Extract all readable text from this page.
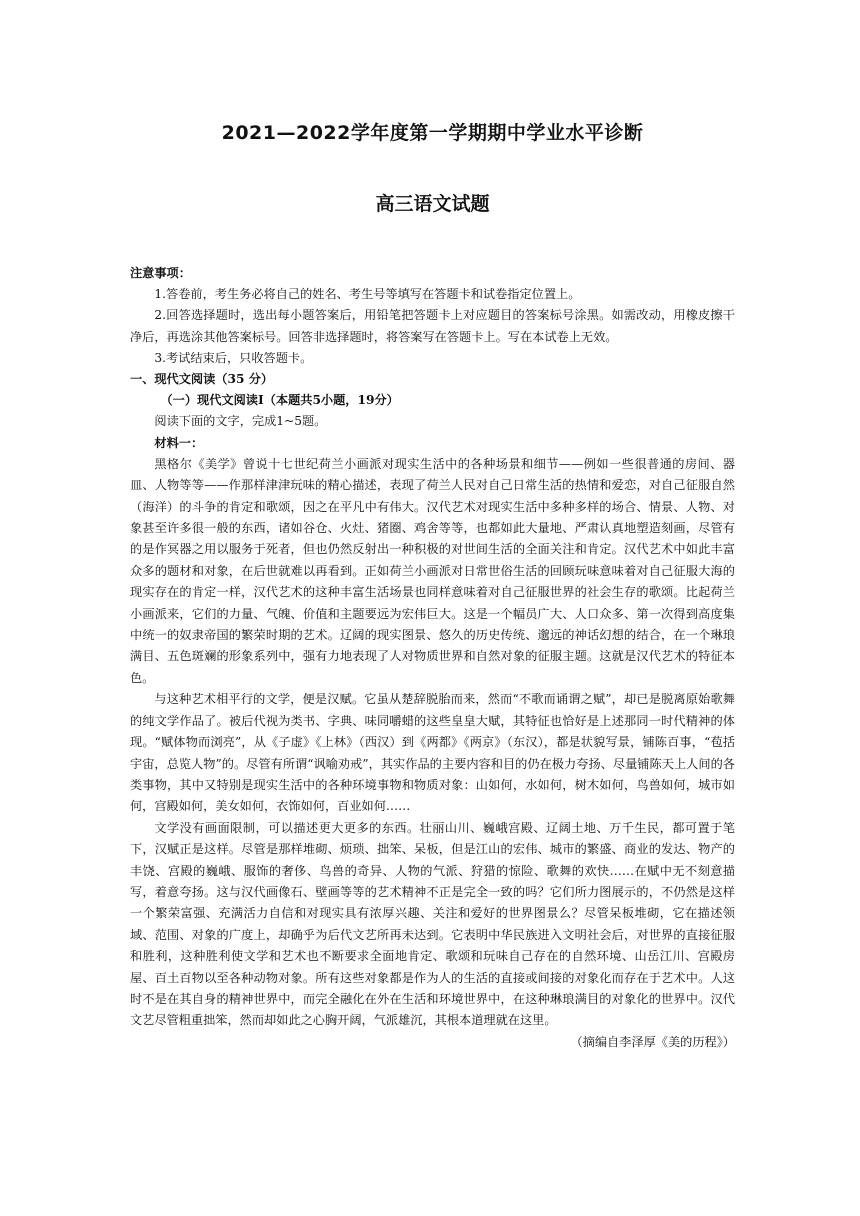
2021—2022学年度第一学期期中学业水平诊断
高三语文试题

注意事项：

1.答卷前，考生务必将自己的姓名、考生号等填写在答题卡和试卷指定位置上。

2.回答选择题时，选出每小题答案后，用铅笔把答题卡上对应题目的答案标号涂黑。如需改动，用橡皮擦干净后，再选涂其他答案标号。回答非选择题时，将答案写在答题卡上。写在本试卷上无效。

3.考试结束后，只收答题卡。

一、现代文阅读（35 分）

（一）现代文阅读Ⅰ（本题共5小题，19分）

阅读下面的文字，完成1~5题。

材料一：

黑格尔《美学》曾说十七世纪荷兰小画派对现实生活中的各种场景和细节——例如一些很普通的房间、器皿、人物等等——作那样津津玩味的精心描述，表现了荷兰人民对自己日常生活的热情和爱恋，对自己征服自然（海洋）的斗争的肯定和歌颂，因之在平凡中有伟大。汉代艺术对现实生活中多种多样的场合、情景、人物、对象甚至许多很一般的东西，诸如谷仓、火灶、猪圈、鸡舍等等，也都如此大量地、严肃认真地塑造刻画，尽管有的是作冥器之用以服务于死者，但也仍然反射出一种积极的对世间生活的全面关注和肯定。汉代艺术中如此丰富众多的题材和对象，在后世就难以再看到。正如荷兰小画派对日常世俗生活的回顾玩味意味着对自己征服大海的现实存在的肯定一样，汉代艺术的这种丰富生活场景也同样意味着对自己征服世界的社会生存的歌颂。比起荷兰小画派来，它们的力量、气魄、价值和主题要远为宏伟巨大。这是一个幅员广大、人口众多、第一次得到高度集中统一的奴隶帝国的繁荣时期的艺术。辽阔的现实图景、悠久的历史传统、邈远的神话幻想的结合，在一个琳琅满目、五色斑斓的形象系列中，强有力地表现了人对物质世界和自然对象的征服主题。这就是汉代艺术的特征本色。

与这种艺术相平行的文学，便是汉赋。它虽从楚辞脱胎而来，然而“不歌而诵谓之赋”，却已是脱离原始歌舞的纯文学作品了。被后代视为类书、字典、味同嚼蜡的这些皇皇大赋，其特征也恰好是上述那同一时代精神的体现。“赋体物而浏亮”，从《子虚》《上林》（西汉）到《两都》《两京》（东汉），都是状貌写景，铺陈百事，“苞括宇宙，总览人物”的。尽管有所谓“讽喻劝戒”，其实作品的主要内容和目的仍在极力夸扬、尽量铺陈天上人间的各类事物，其中又特别是现实生活中的各种环境事物和物质对象：山如何，水如何，树木如何，鸟兽如何，城市如何，宫殿如何，美女如何，衣饰如何，百业如何……

文学没有画面限制，可以描述更大更多的东西。壮丽山川、巍峨宫殿、辽阔土地、万千生民，都可置于笔下，汉赋正是这样。尽管是那样堆砌、烦琐、拙笨、呆板，但是江山的宏伟、城市的繁盛、商业的发达、物产的丰饶、宫殿的巍峨、服饰的奢侈、鸟兽的奇异、人物的气派、狩猎的惊险、歌舞的欢快……在赋中无不刻意描写，着意夸扬。这与汉代画像石、壁画等等的艺术精神不正是完全一致的吗？它们所力图展示的，不仍然是这样一个繁荣富强、充满活力自信和对现实具有浓厚兴趣、关注和爱好的世界图景么？尽管呆板堆砌，它在描述领域、范围、对象的广度上，却确乎为后代文艺所再未达到。它表明中华民族进入文明社会后，对世界的直接征服和胜利，这种胜利使文学和艺术也不断要求全面地肯定、歌颂和玩味自己存在的自然环境、山岳江川、宫殿房屋、百土百物以至各种动物对象。所有这些对象都是作为人的生活的直接或间接的对象化而存在于艺术中。人这时不是在其自身的精神世界中，而完全融化在外在生活和环境世界中，在这种琳琅满目的对象化的世界中。汉代文艺尽管粗重拙笨，然而却如此之心胸开阔，气派雄沉，其根本道理就在这里。

（摘编自李泽厚《美的历程》）
